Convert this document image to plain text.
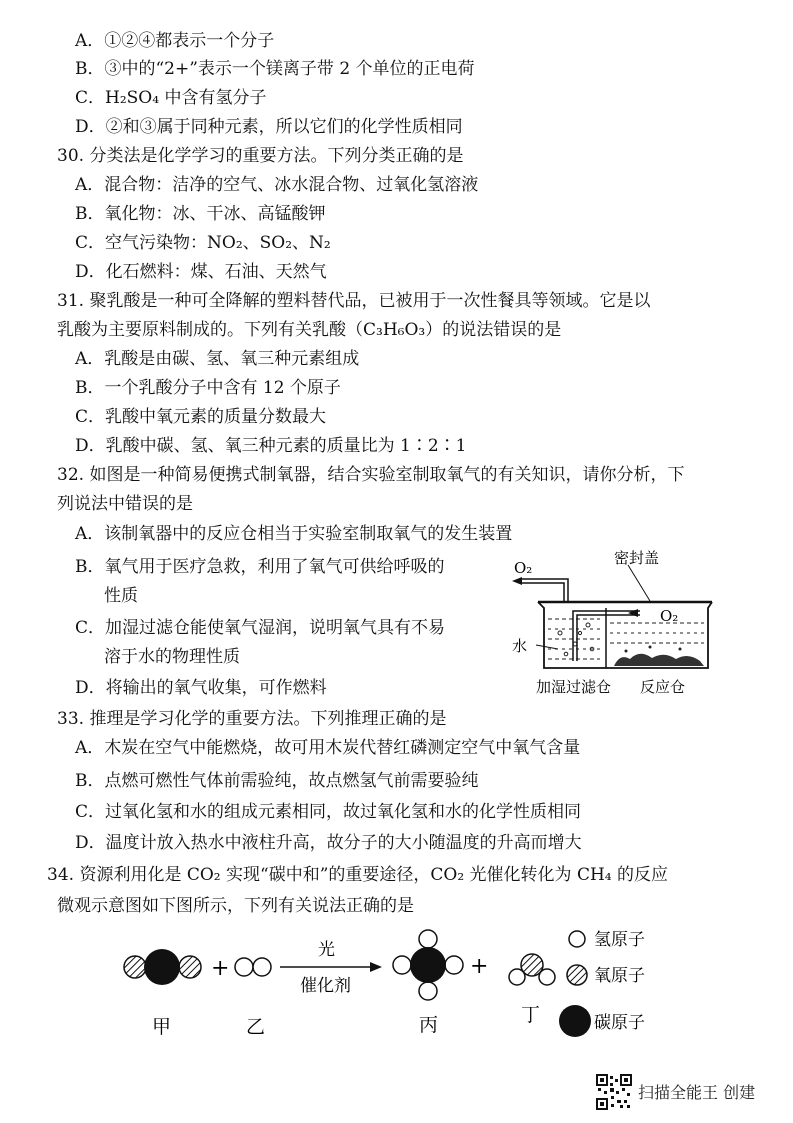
A．①②④都表示一个分子
B．③中的“2+”表示一个镁离子带 2 个单位的正电荷
C．H₂SO₄ 中含有氢分子
D．②和③属于同种元素，所以它们的化学性质相同
30. 分类法是化学学习的重要方法。下列分类正确的是
A．混合物：洁净的空气、冰水混合物、过氧化氢溶液
B．氧化物：冰、干冰、高锰酸钾
C．空气污染物：NO₂、SO₂、N₂
D．化石燃料：煤、石油、天然气
31. 聚乳酸是一种可全降解的塑料替代品，已被用于一次性餐具等领域。它是以
乳酸为主要原料制成的。下列有关乳酸（C₃H₆O₃）的说法错误的是
A．乳酸是由碳、氢、氧三种元素组成
B．一个乳酸分子中含有 12 个原子
C．乳酸中氧元素的质量分数最大
D．乳酸中碳、氢、氧三种元素的质量比为 1∶2∶1
32. 如图是一种简易便携式制氧器，结合实验室制取氧气的有关知识，请你分析，下
列说法中错误的是
A．该制氧器中的反应仓相当于实验室制取氧气的发生装置
B．氧气用于医疗急救，利用了氧气可供给呼吸的
性质
C．加湿过滤仓能使氧气湿润，说明氧气具有不易
溶于水的物理性质
D．将输出的氧气收集，可作燃料
O₂
O₂
密封盖
水
加湿过滤仓 反应仓
33. 推理是学习化学的重要方法。下列推理正确的是
A．木炭在空气中能燃烧，故可用木炭代替红磷测定空气中氧气含量
B．点燃可燃性气体前需验纯，故点燃氢气前需要验纯
C．过氧化氢和水的组成元素相同，故过氧化氢和水的化学性质相同
D．温度计放入热水中液柱升高，故分子的大小随温度的升高而增大
34. 资源利用化是 CO₂ 实现“碳中和”的重要途径，CO₂ 光催化转化为 CH₄ 的反应
微观示意图如下图所示，下列有关说法正确的是
+
光
催化剂
+
甲	乙	丙	丁
氢原子
氧原子
碳原子
扫描全能王 创建
